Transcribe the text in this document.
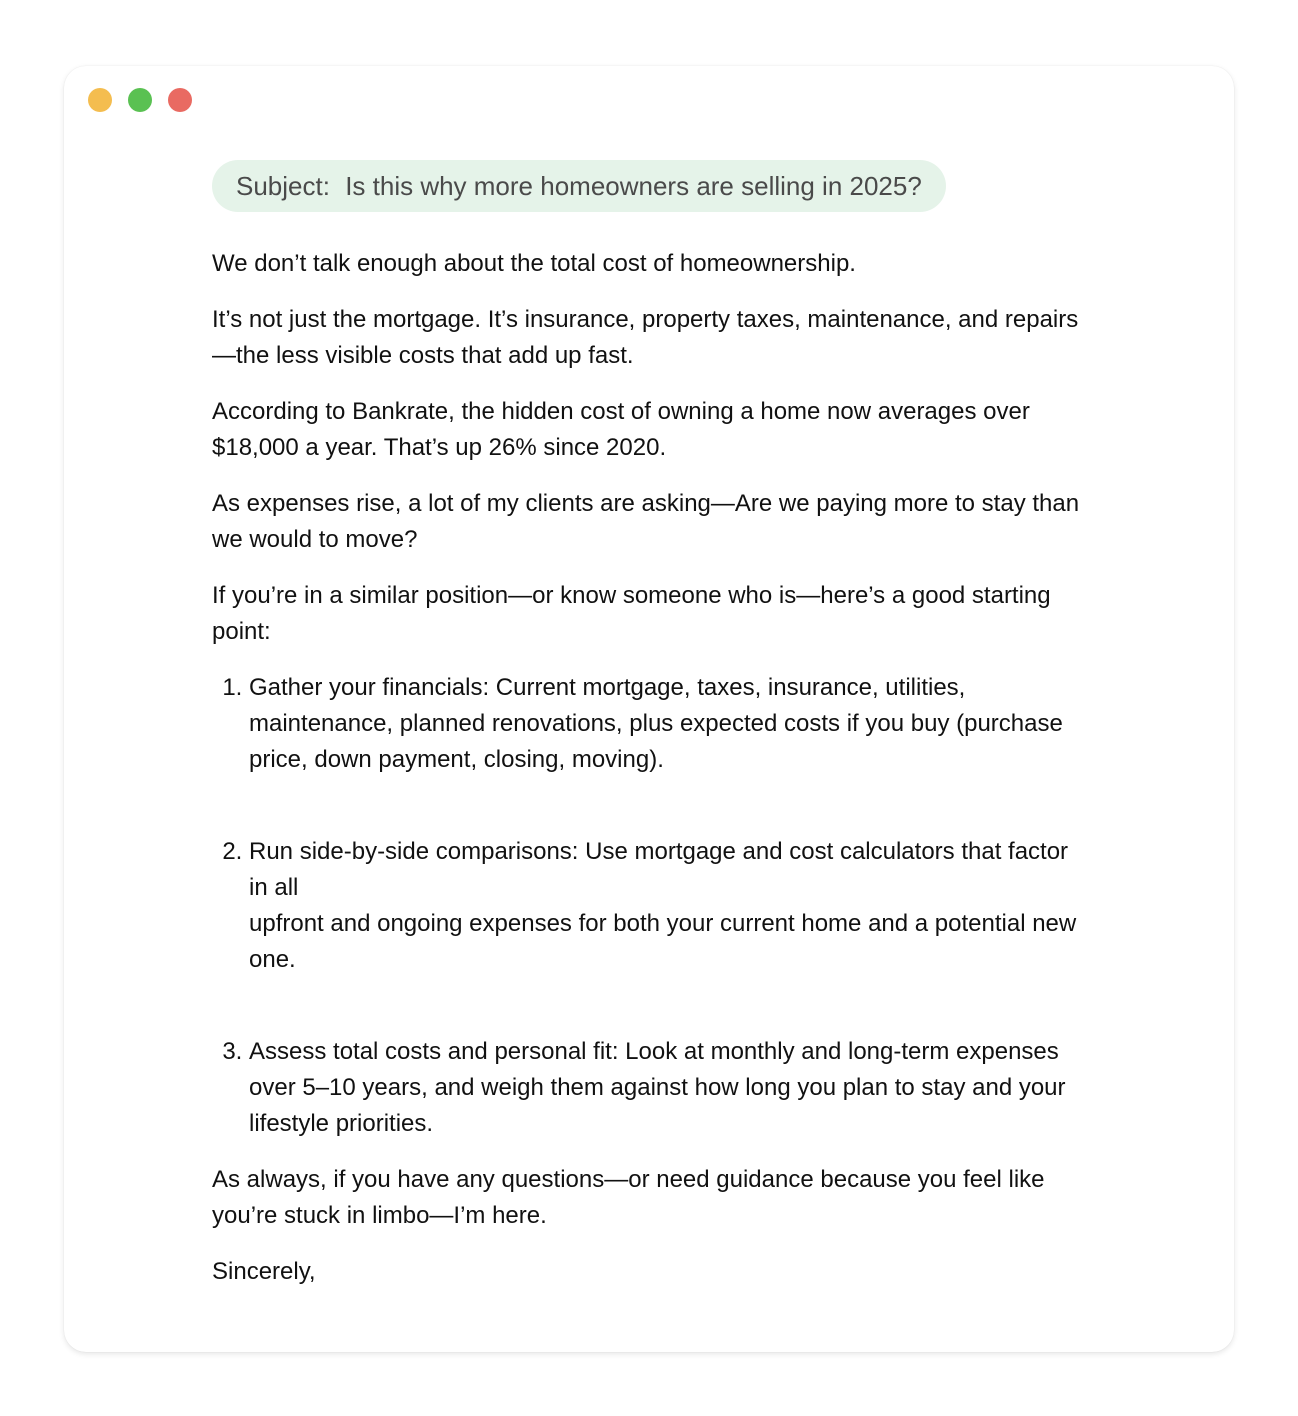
Subject: Is this why more homeowners are selling in 2025?

We don’t talk enough about the total cost of homeownership.

It’s not just the mortgage. It’s insurance, property taxes, maintenance, and repairs—the less visible costs that add up fast.

According to Bankrate, the hidden cost of owning a home now averages over $18,000 a year. That’s up 26% since 2020.

As expenses rise, a lot of my clients are asking—Are we paying more to stay than we would to move?

If you’re in a similar position—or know someone who is—here’s a good starting point:

1. Gather your financials: Current mortgage, taxes, insurance, utilities, maintenance, planned renovations, plus expected costs if you buy (purchase price, down payment, closing, moving).
2. Run side-by-side comparisons: Use mortgage and cost calculators that factor in all
upfront and ongoing expenses for both your current home and a potential new one.
3. Assess total costs and personal fit: Look at monthly and long-term expenses over 5–10 years, and weigh them against how long you plan to stay and your lifestyle priorities.

As always, if you have any questions—or need guidance because you feel like you’re stuck in limbo—I’m here.

Sincerely,
